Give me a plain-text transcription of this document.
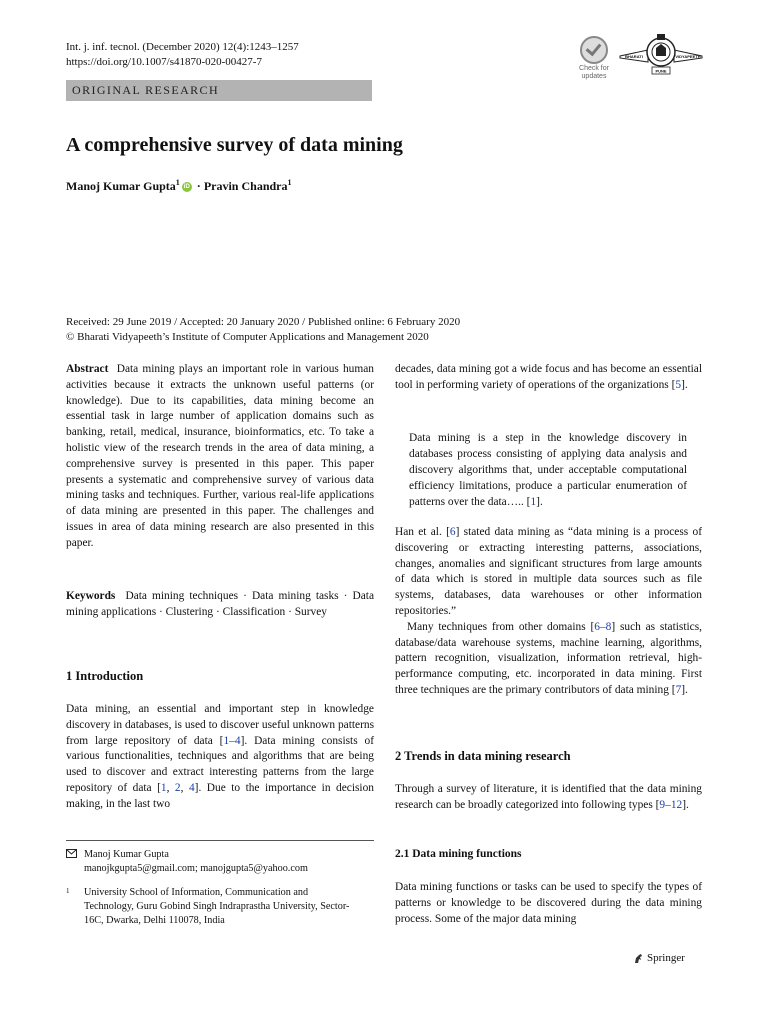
Int. j. inf. tecnol. (December 2020) 12(4):1243–1257
https://doi.org/10.1007/s41870-020-00427-7
ORIGINAL RESEARCH
Check for
updates
BHARATI	VIDYAPEETH
PUNE
A comprehensive survey of data mining
Manoj Kumar Gupta$^1$iD · Pravin Chandra$^1$
Received: 29 June 2019 / Accepted: 20 January 2020 / Published online: 6 February 2020
© Bharati Vidyapeeth’s Institute of Computer Applications and Management 2020

Abstract Data mining plays an important role in various human activities because it extracts the unknown useful patterns (or knowledge). Due to its capabilities, data mining become an essential task in large number of application domains such as banking, retail, medical, insurance, bioinformatics, etc. To take a holistic view of the research trends in the area of data mining, a comprehensive survey is presented in this paper. This paper presents a systematic and comprehensive survey of various data mining tasks and techniques. Further, various real-life applications of data mining are presented in this paper. The challenges and issues in area of data mining research are also presented in this paper.

Keywords Data mining techniques · Data mining tasks · Data mining applications · Clustering · Classification · Survey

1 Introduction

Data mining, an essential and important step in knowledge discovery in databases, is used to discover useful unknown patterns from large repository of data [1–4]. Data mining consists of various functionalities, techniques and algorithms that are being used to discover and extract interesting patterns from the large repository of data [1, 2, 4]. Due to the importance in decision making, in the last two

Manoj Kumar Gupta
manojkgupta5@gmail.com; manojgupta5@yahoo.com
1 University School of Information, Communication and Technology, Guru Gobind Singh Indraprastha University, Sector-16C, Dwarka, Delhi 110078, India

decades, data mining got a wide focus and has become an essential tool in performing variety of operations of the organizations [5].

Data mining is a step in the knowledge discovery in databases process consisting of applying data analysis and discovery algorithms that, under acceptable computational efficiency limitations, produce a particular enumeration of patterns over the data….. [1].

Han et al. [6] stated data mining as “data mining is a process of discovering or extracting interesting patterns, associations, changes, anomalies and significant structures from large amounts of data which is stored in multiple data sources such as file systems, databases, data warehouses or other information repositories.”

Many techniques from other domains [6–8] such as statistics, database/data warehouse systems, machine learning, algorithms, pattern recognition, visualization, information retrieval, high-performance computing, etc. incorporated in data mining. First three techniques are the primary contributors of data mining [7].

2 Trends in data mining research

Through a survey of literature, it is identified that the data mining research can be broadly categorized into following types [9–12].

2.1 Data mining functions

Data mining functions or tasks can be used to specify the types of patterns or knowledge to be discovered during the data mining process. Some of the major data mining

Springer
